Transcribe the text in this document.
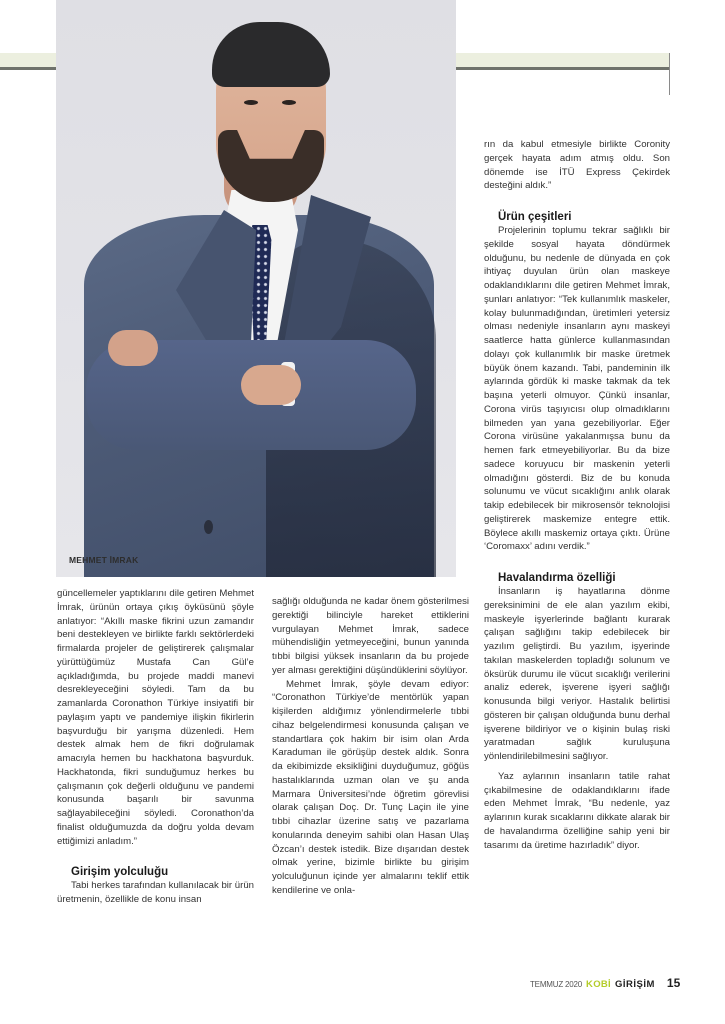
MEHMET İMRAK

güncellemeler yaptıklarını dile getiren Mehmet İmrak, ürünün ortaya çıkış öyküsünü şöyle anlatıyor: “Akıllı maske fikrini uzun zamandır beni destekleyen ve birlikte farklı sektörlerdeki firmalarda projeler de geliştirerek çalışmalar yürüttüğümüz Mustafa Can Gül’e açıkladığımda, bu projede maddi manevi desrekleyeceğini söyledi. Tam da bu zamanlarda Coronathon Türkiye insiyatifi bir paylaşım yaptı ve pandemiye ilişkin fikirlerin başvurduğu bir yarışma düzenledi. Hem destek almak hem de fikri doğrulamak amacıyla hemen bu hackhatona başvurduk. Hackhatonda, fikri sunduğumuz herkes bu çalışmanın çok değerli olduğunu ve pandemi konusunda başarılı bir savunma sağlayabileceğini söyledi. Coronathon’da finalist olduğumuzda da doğru yolda devam ettiğimizi anladım.”

Girişim yolculuğu

Tabi herkes tarafından kullanılacak bir ürün üretmenin, özellikle de konu insan

sağlığı olduğunda ne kadar önem gösterilmesi gerektiği bilinciyle hareket ettiklerini vurgulayan Mehmet İmrak, sadece mühendisliğin yetmeyeceğini, bunun yanında tıbbi bilgisi yüksek insanların da bu projede yer alması gerektiğini düşündüklerini söylüyor.

Mehmet İmrak, şöyle devam ediyor: “Coronathon Türkiye’de mentörlük yapan kişilerden aldığımız yönlendirmelerle tıbbi cihaz belgelendirmesi konusunda çalışan ve standartlara çok hakim bir isim olan Arda Karaduman ile görüşüp destek aldık. Sonra da ekibimizde eksikliğini duyduğumuz, göğüs hastalıklarında uzman olan ve şu anda Marmara Üniversitesi’nde öğretim görevlisi olarak çalışan Doç. Dr. Tunç Laçin ile yine tıbbi cihazlar üzerine satış ve pazarlama konularında deneyim sahibi olan Hasan Ulaş Özcan’ı destek istedik. Bize dışarıdan destek olmak yerine, bizimle birlikte bu girişim yolculuğunun içinde yer almalarını teklif ettik kendilerine ve onla-

rın da kabul etmesiyle birlikte Coronity gerçek hayata adım atmış oldu. Son dönemde ise İTÜ Express Çekirdek desteğini aldık.”

Ürün çeşitleri

Projelerinin toplumu tekrar sağlıklı bir şekilde sosyal hayata döndürmek olduğunu, bu nedenle de dünyada en çok ihtiyaç duyulan ürün olan maskeye odaklandıklarını dile getiren Mehmet İmrak, şunları anlatıyor: “Tek kullanımlık maskeler, kolay bulunmadığından, üretimleri yetersiz olması nedeniyle insanların aynı maskeyi saatlerce hatta günlerce kullanmasından dolayı çok kullanımlık bir maske üretmek büyük önem kazandı. Tabi, pandeminin ilk aylarında gördük ki maske takmak da tek başına yeterli olmuyor. Çünkü insanlar, Corona virüs taşıyıcısı olup olmadıklarını bilmeden yan yana gezebiliyorlar. Eğer Corona virüsüne yakalanmışsa bunu da hemen fark etmeyebiliyorlar. Bu da bize sadece koruyucu bir maskenin yeterli olmadığını gösterdi. Biz de bu konuda solunumu ve vücut sıcaklığını anlık olarak takip edebilecek bir mikrosensör teknolojisi geliştirerek maskemize entegre ettik. Böylece akıllı maskemiz ortaya çıktı. Ürüne ‘Coromaxx’ adını verdik.”

Havalandırma özelliği

İnsanların iş hayatlarına dönme gereksinimini de ele alan yazılım ekibi, maskeyle işyerlerinde bağlantı kurarak çalışan sağlığını takip edebilecek bir yazılım geliştirdi. Bu yazılım, işyerinde takılan maskelerden topladığı solunum ve öksürük durumu ile vücut sıcaklığı verilerini analiz ederek, işverene işyeri sağlığı konusunda bilgi veriyor. Hastalık belirtisi gösteren bir çalışan olduğunda bunu derhal işverene bildiriyor ve o kişinin bulaş riski yaratmadan sağlık kuruluşuna yönlendirilebilmesini sağlıyor.

Yaz aylarının insanların tatile rahat çıkabilmesine de odaklandıklarını ifade eden Mehmet İmrak, “Bu nedenle, yaz aylarının kurak sıcaklarını dikkate alarak bir de havalandırma özelliğine sahip yeni bir tasarımı da üretime hazırladık” diyor.

TEMMUZ 2020 KOBİ GİRİŞİM 15
